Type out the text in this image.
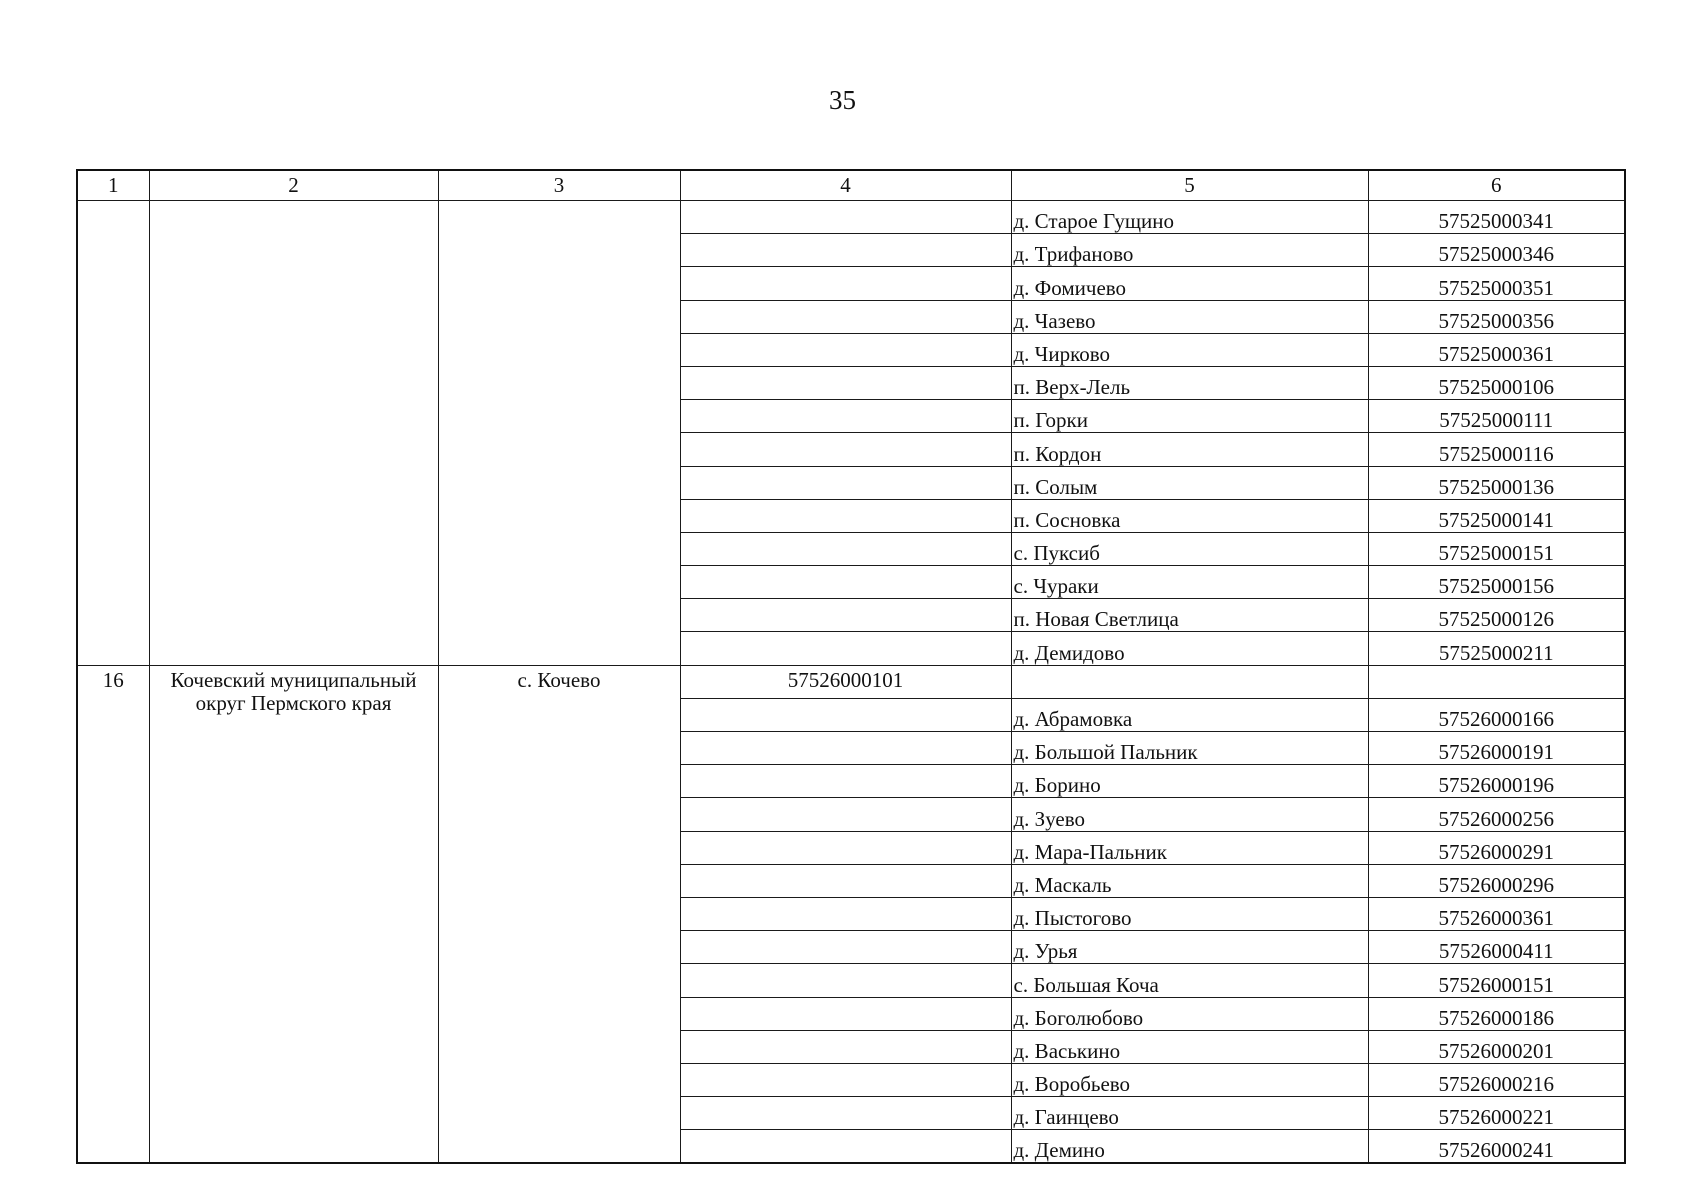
35
1	2	3	4	5	6
				д. Старое Гущино	57525000341
				д. Трифаново	57525000346
				д. Фомичево	57525000351
				д. Чазево	57525000356
				д. Чирково	57525000361
				п. Верх-Лель	57525000106
				п. Горки	57525000111
				п. Кордон	57525000116
				п. Солым	57525000136
				п. Сосновка	57525000141
				с. Пуксиб	57525000151
				с. Чураки	57525000156
				п. Новая Светлица	57525000126
				д. Демидово	57525000211
16	Кочевский муниципальный округ Пермского края	с. Кочево	57526000101		
				д. Абрамовка	57526000166
				д. Большой Пальник	57526000191
				д. Борино	57526000196
				д. Зуево	57526000256
				д. Мара-Пальник	57526000291
				д. Маскаль	57526000296
				д. Пыстогово	57526000361
				д. Урья	57526000411
				с. Большая Коча	57526000151
				д. Боголюбово	57526000186
				д. Васькино	57526000201
				д. Воробьево	57526000216
				д. Гаинцево	57526000221
				д. Демино	57526000241
